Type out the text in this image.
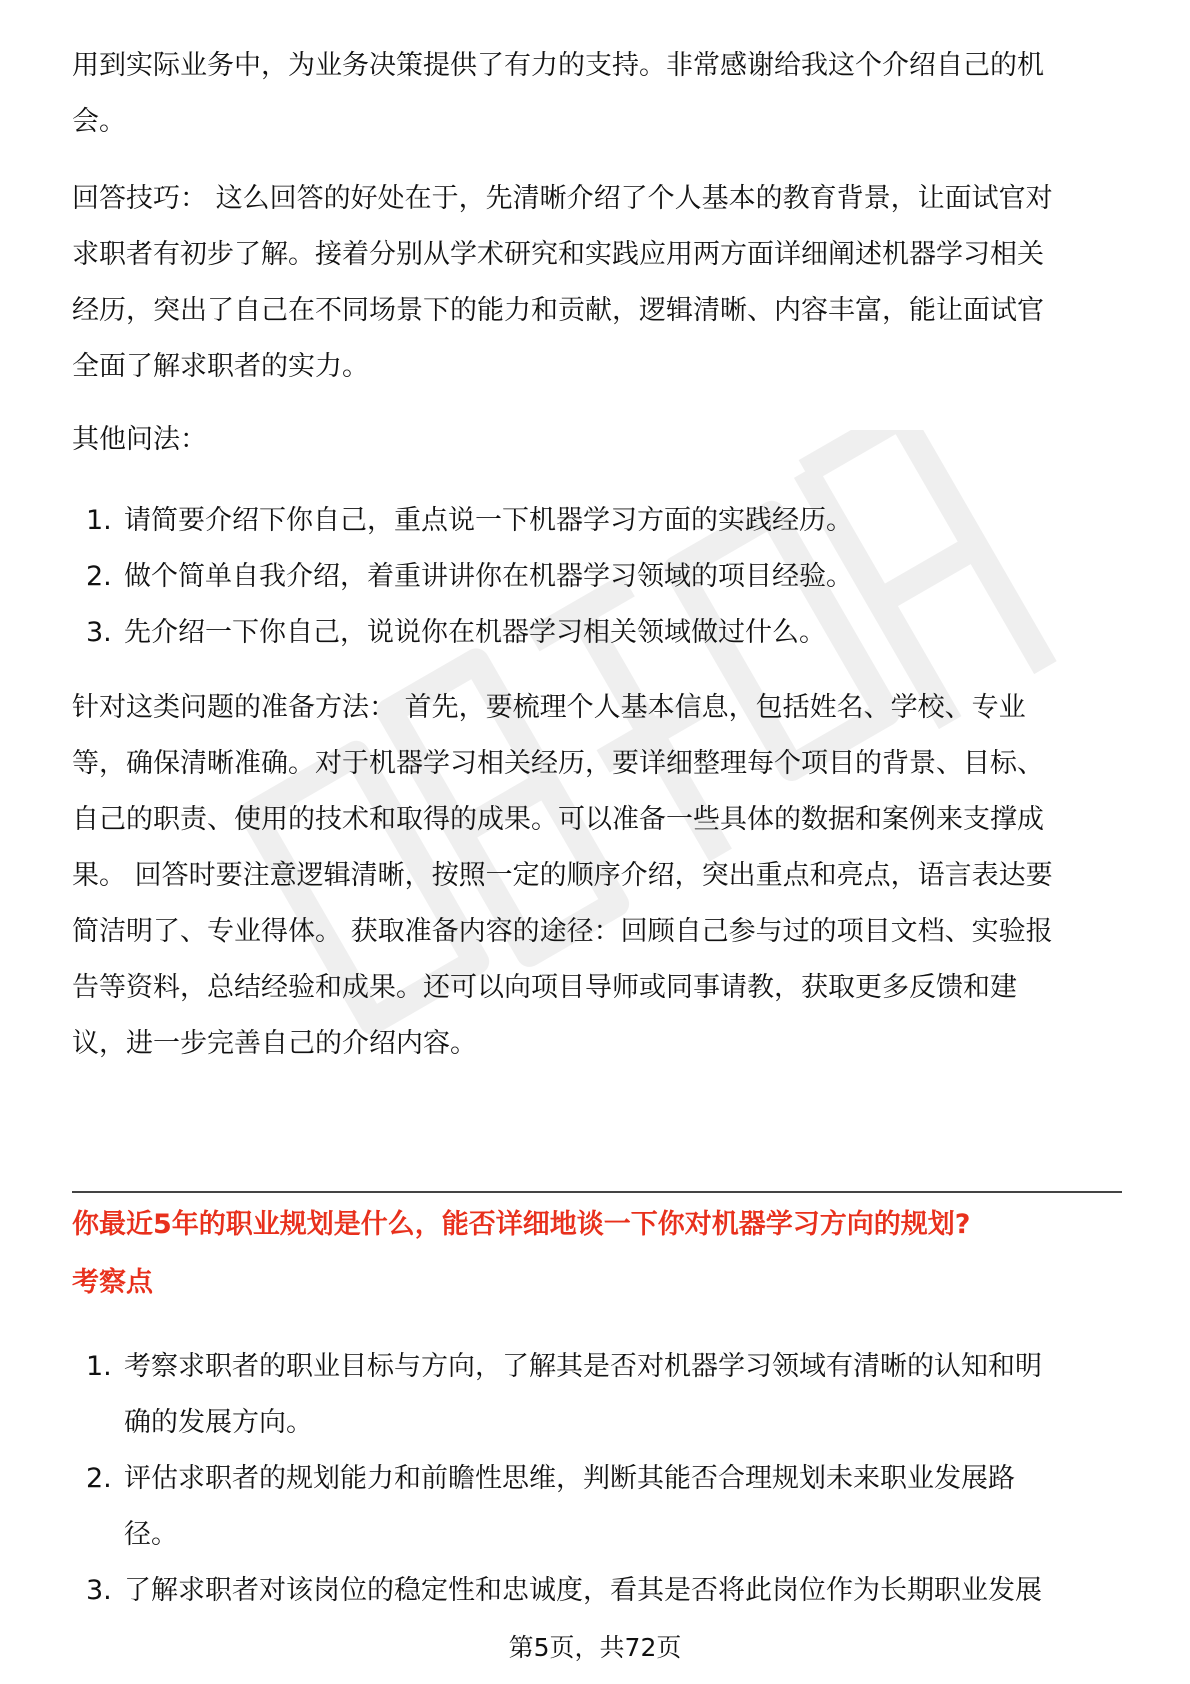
用到实际业务中，为业务决策提供了有力的支持。非常感谢给我这个介绍自己的机
会。

回答技巧： 这么回答的好处在于，先清晰介绍了个人基本的教育背景，让面试官对
求职者有初步了解。接着分别从学术研究和实践应用两方面详细阐述机器学习相关
经历，突出了自己在不同场景下的能力和贡献，逻辑清晰、内容丰富，能让面试官
全面了解求职者的实力。

其他问法：

1. 请简要介绍下你自己，重点说一下机器学习方面的实践经历。
2. 做个简单自我介绍，着重讲讲你在机器学习领域的项目经验。
3. 先介绍一下你自己，说说你在机器学习相关领域做过什么。

针对这类问题的准备方法： 首先，要梳理个人基本信息，包括姓名、学校、专业
等，确保清晰准确。对于机器学习相关经历，要详细整理每个项目的背景、目标、
自己的职责、使用的技术和取得的成果。可以准备一些具体的数据和案例来支撑成
果。 回答时要注意逻辑清晰，按照一定的顺序介绍，突出重点和亮点，语言表达要
简洁明了、专业得体。 获取准备内容的途径：回顾自己参与过的项目文档、实验报
告等资料，总结经验和成果。还可以向项目导师或同事请教，获取更多反馈和建
议，进一步完善自己的介绍内容。

你最近5年的职业规划是什么，能否详细地谈一下你对机器学习方向的规划?
考察点
1. 考察求职者的职业目标与方向，了解其是否对机器学习领域有清晰的认知和明
确的发展方向。
2. 评估求职者的规划能力和前瞻性思维，判断其能否合理规划未来职业发展路
径。
3. 了解求职者对该岗位的稳定性和忠诚度，看其是否将此岗位作为长期职业发展
第5页，共72页
